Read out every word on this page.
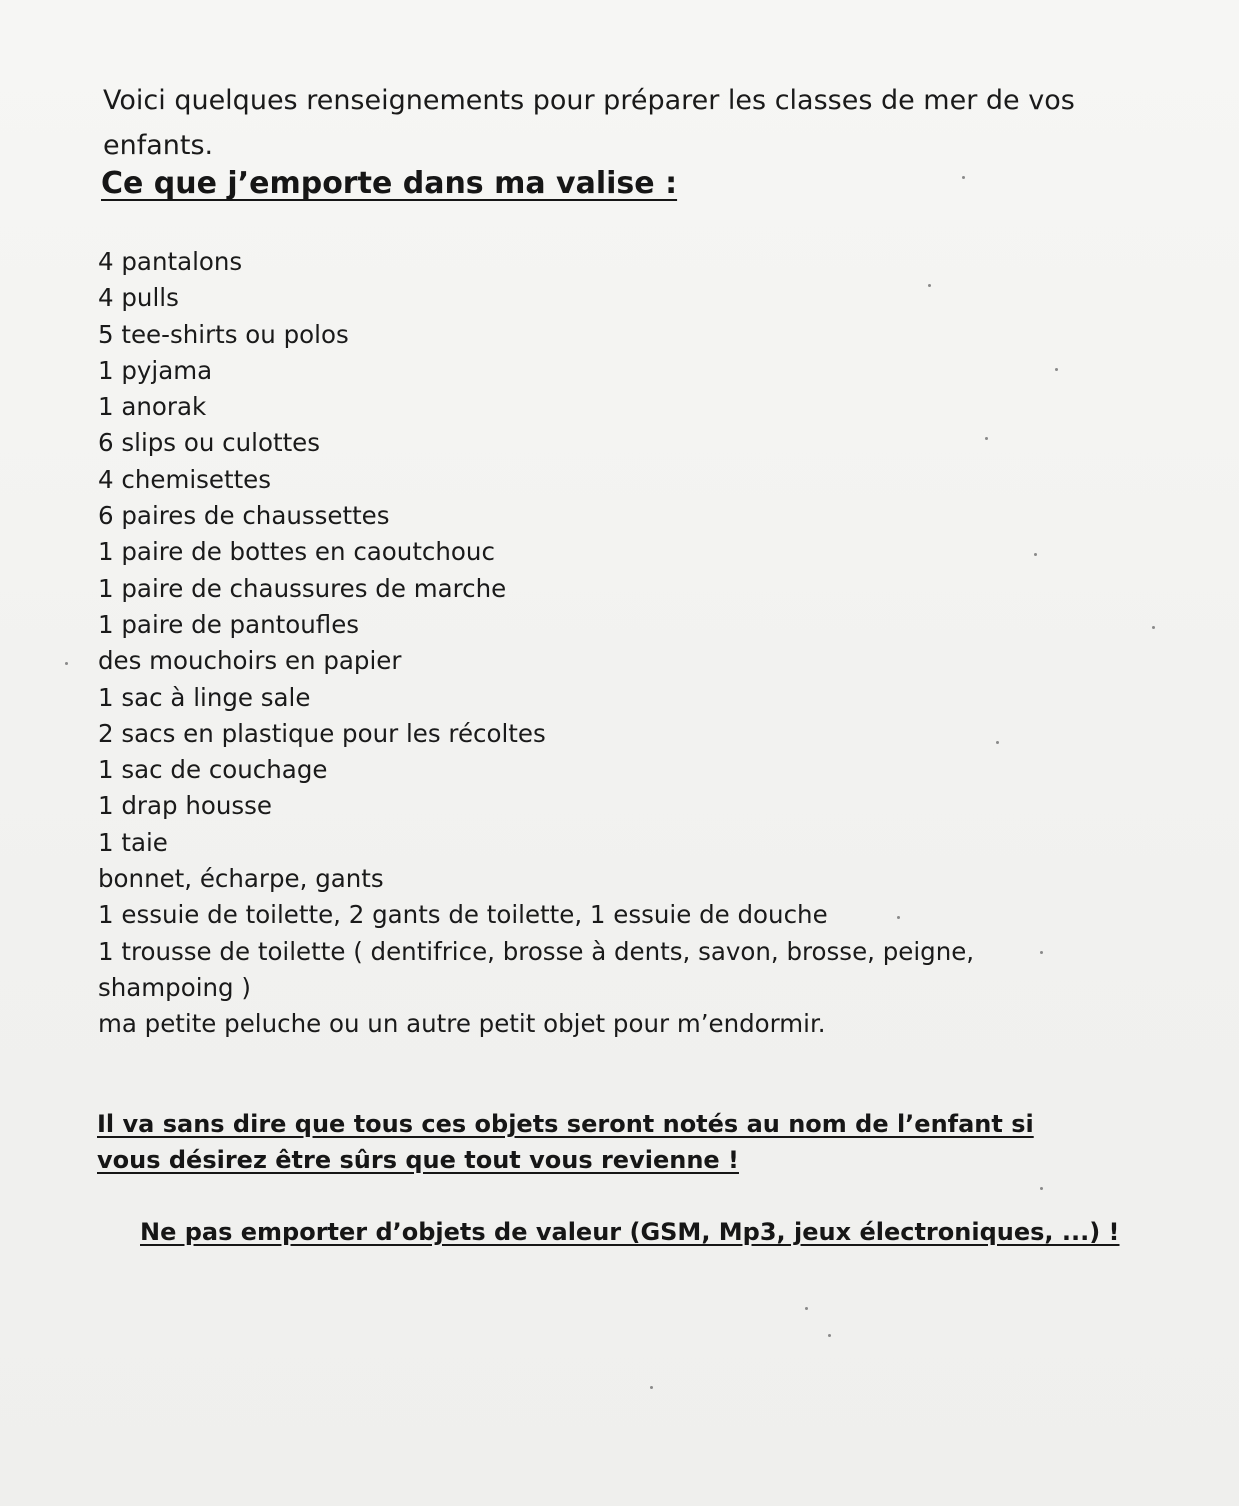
Voici quelques renseignements pour préparer les classes de mer de vos enfants.
Ce que j’emporte dans ma valise :
4 pantalons
4 pulls
5 tee-shirts ou polos
1 pyjama
1 anorak
6 slips ou culottes
4 chemisettes
6 paires de chaussettes
1 paire de bottes en caoutchouc
1 paire de chaussures de marche
1 paire de pantoufles
des mouchoirs en papier
1 sac à linge sale
2 sacs en plastique pour les récoltes
1 sac de couchage
1 drap housse
1 taie
bonnet, écharpe, gants
1 essuie de toilette, 2 gants de toilette, 1 essuie de douche
1 trousse de toilette ( dentifrice, brosse à dents, savon, brosse, peigne, shampoing )
ma petite peluche ou un autre petit objet pour m’endormir.
Il va sans dire que tous ces objets seront notés au nom de l’enfant si vous désirez être sûrs que tout vous revienne !
Ne pas emporter d’objets de valeur (GSM, Mp3, jeux électroniques, ...) !
